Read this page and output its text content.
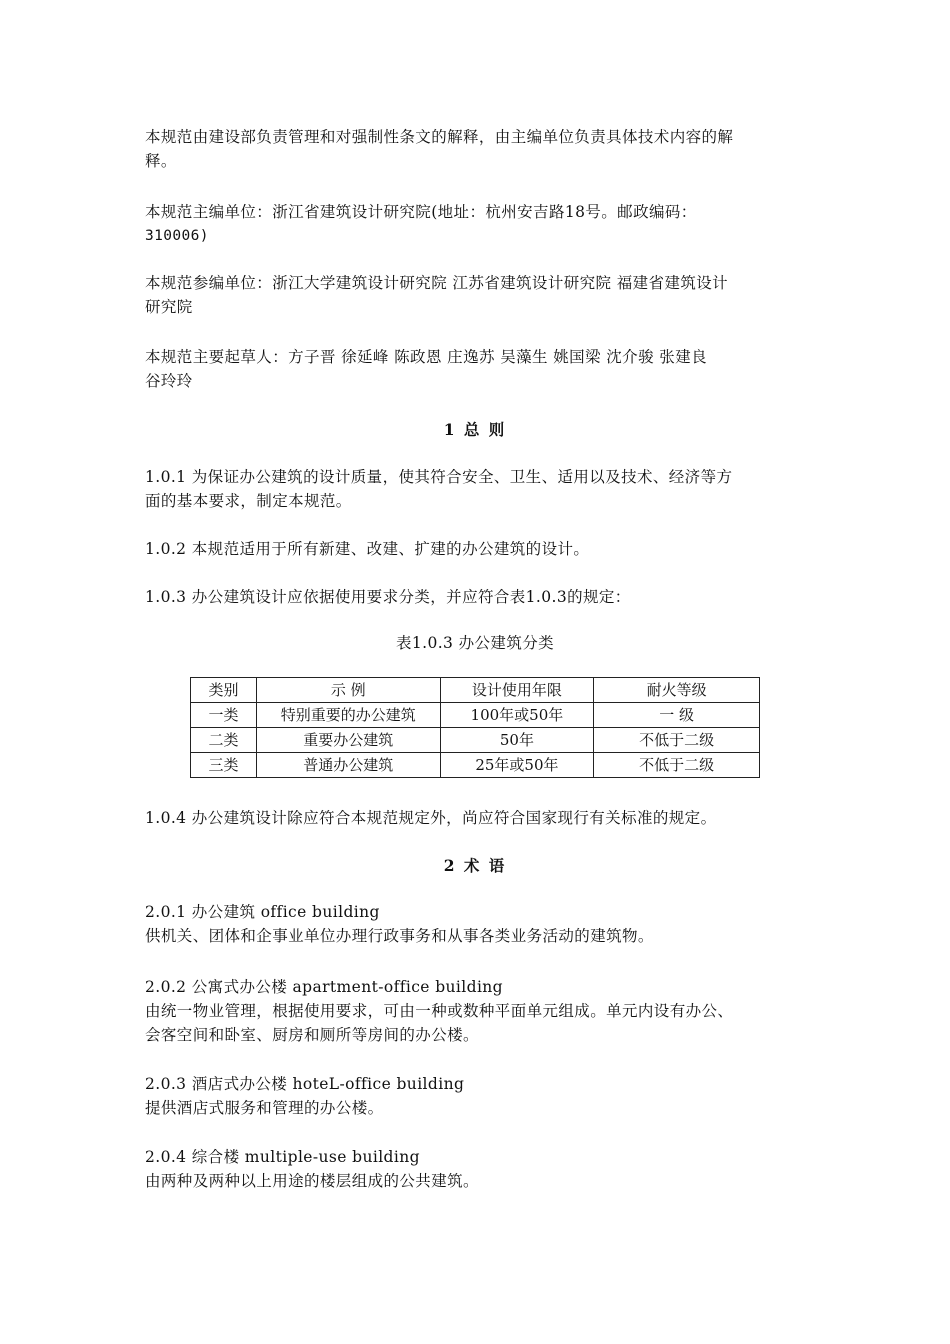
本规范由建设部负责管理和对强制性条文的解释，由主编单位负责具体技术内容的解
释。
本规范主编单位：浙江省建筑设计研究院(地址：杭州安吉路18号。邮政编码：
310006)
本规范参编单位：浙江大学建筑设计研究院 江苏省建筑设计研究院 福建省建筑设计
研究院
本规范主要起草人：方子晋 徐延峰 陈政恩 庄逸苏 吴藻生 姚国梁 沈介骏 张建良
谷玲玲
1 总 则
1.0.1 为保证办公建筑的设计质量，使其符合安全、卫生、适用以及技术、经济等方
面的基本要求，制定本规范。
1.0.2 本规范适用于所有新建、改建、扩建的办公建筑的设计。
1.0.3 办公建筑设计应依据使用要求分类，并应符合表1.0.3的规定：
表1.0.3 办公建筑分类
类别	示 例	设计使用年限	耐火等级
一类	特别重要的办公建筑	100年或50年	一 级
二类	重要办公建筑	50年	不低于二级
三类	普通办公建筑	25年或50年	不低于二级
1.0.4 办公建筑设计除应符合本规范规定外，尚应符合国家现行有关标准的规定。
2 术 语
2.0.1 办公建筑 office building
供机关、团体和企事业单位办理行政事务和从事各类业务活动的建筑物。
2.0.2 公寓式办公楼 apartment-office building
由统一物业管理，根据使用要求，可由一种或数种平面单元组成。单元内设有办公、
会客空间和卧室、厨房和厕所等房间的办公楼。
2.0.3 酒店式办公楼 hoteL-office building
提供酒店式服务和管理的办公楼。
2.0.4 综合楼 multiple-use building
由两种及两种以上用途的楼层组成的公共建筑。
